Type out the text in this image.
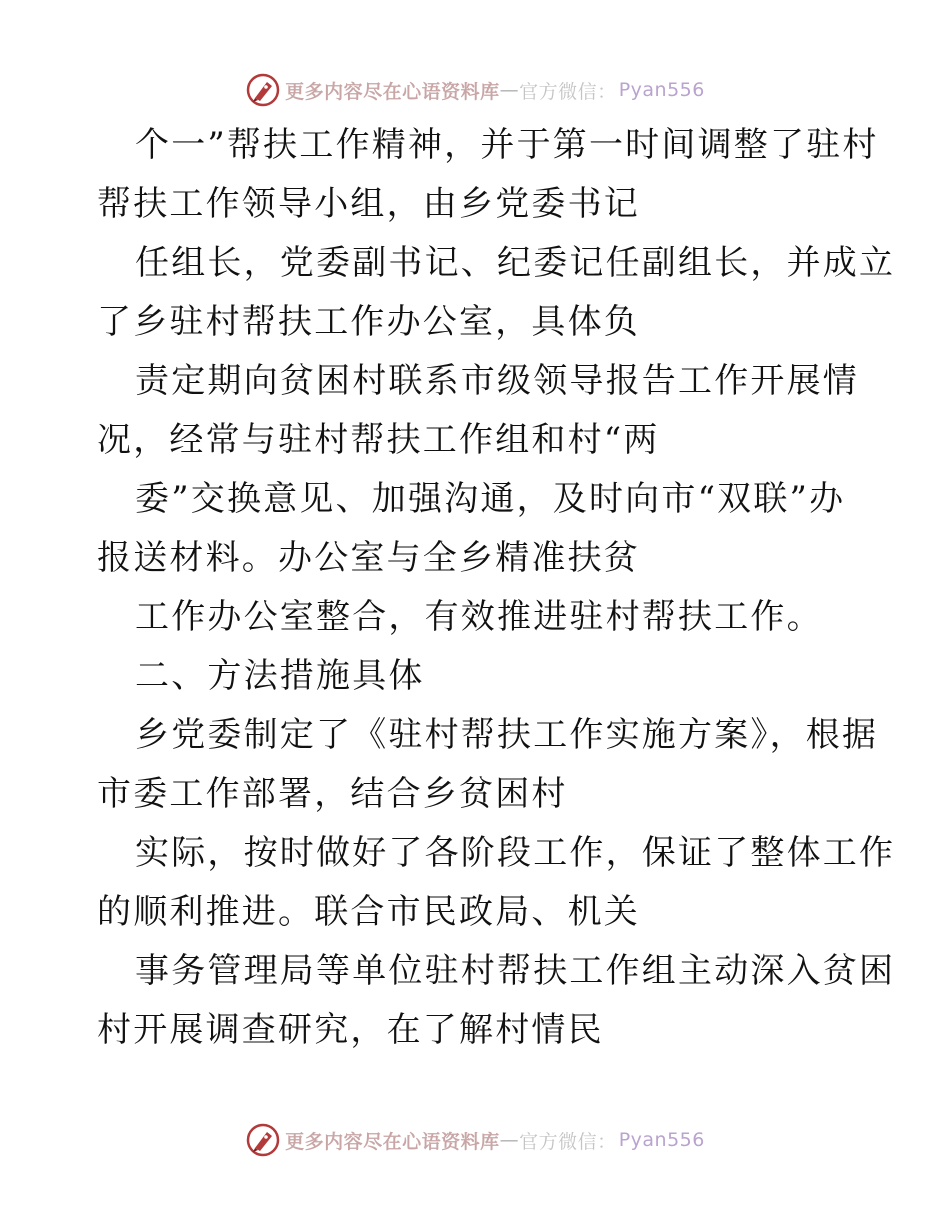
更多内容尽在心语资料库 — 官方微信： Pyan556
个一”帮扶工作精神，并于第一时间调整了驻村
帮扶工作领导小组，由乡党委书记
任组长，党委副书记、纪委记任副组长，并成立
了乡驻村帮扶工作办公室，具体负
责定期向贫困村联系市级领导报告工作开展情
况，经常与驻村帮扶工作组和村“两
委”交换意见、加强沟通，及时向市“双联”办
报送材料。办公室与全乡精准扶贫
工作办公室整合，有效推进驻村帮扶工作。
二、方法措施具体
乡党委制定了《驻村帮扶工作实施方案》，根据
市委工作部署，结合乡贫困村
实际，按时做好了各阶段工作，保证了整体工作
的顺利推进。联合市民政局、机关
事务管理局等单位驻村帮扶工作组主动深入贫困
村开展调查研究，在了解村情民
更多内容尽在心语资料库 — 官方微信： Pyan556
